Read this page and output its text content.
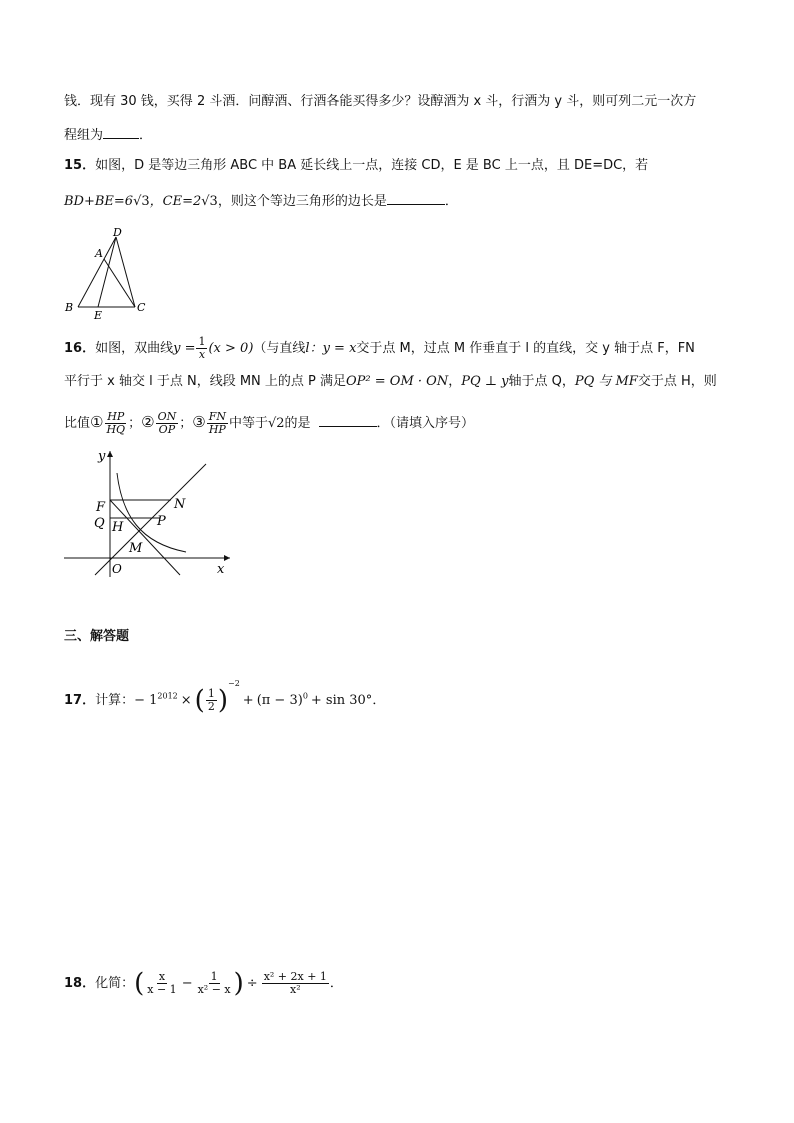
钱．现有 30 钱，买得 2 斗酒．问醇酒、行酒各能买得多少？设醇酒为 x 斗，行酒为 y 斗，则可列二元一次方
程组为	．
15．如图，D 是等边三角形 ABC 中 BA 延长线上一点，连接 CD，E 是 BC 上一点，且 DE=DC，若
BD+BE=6√3，CE=2√3，则这个等边三角形的边长是	．
D
A
B
E
C
16．如图，双曲线$y = \frac{1}{x} (x > 0)$（与直线l：y = x交于点 M，过点 M 作垂直于 l 的直线，交 y 轴于点 F，FN
平行于 x 轴交 l 于点 N，线段 MN 上的点 P 满足OP² = OM · ON，PQ ⊥ y轴于点 Q，PQ 与 MF交于点 H，则
比值① $\frac{HP}{HQ}$ ；② $\frac{ON}{OP}$ ；③ $\frac{FN}{HP}$ 中等于√2的是	．（请填入序号）
y
x
O
F	N
Q H	P
M
三、解答题
17．计算：− $1^{2012}$ × ( $\frac{1}{2} )^{-2}+ (\pi - 3)^0 + \sin 30^\circ$．
18．化简：( $\frac{x}{x - 1} - \frac{1}{\text{x² − x}}$ ) ÷ $\frac{\text{x² + 2x + 1}}{\text{x²}}$ ．
